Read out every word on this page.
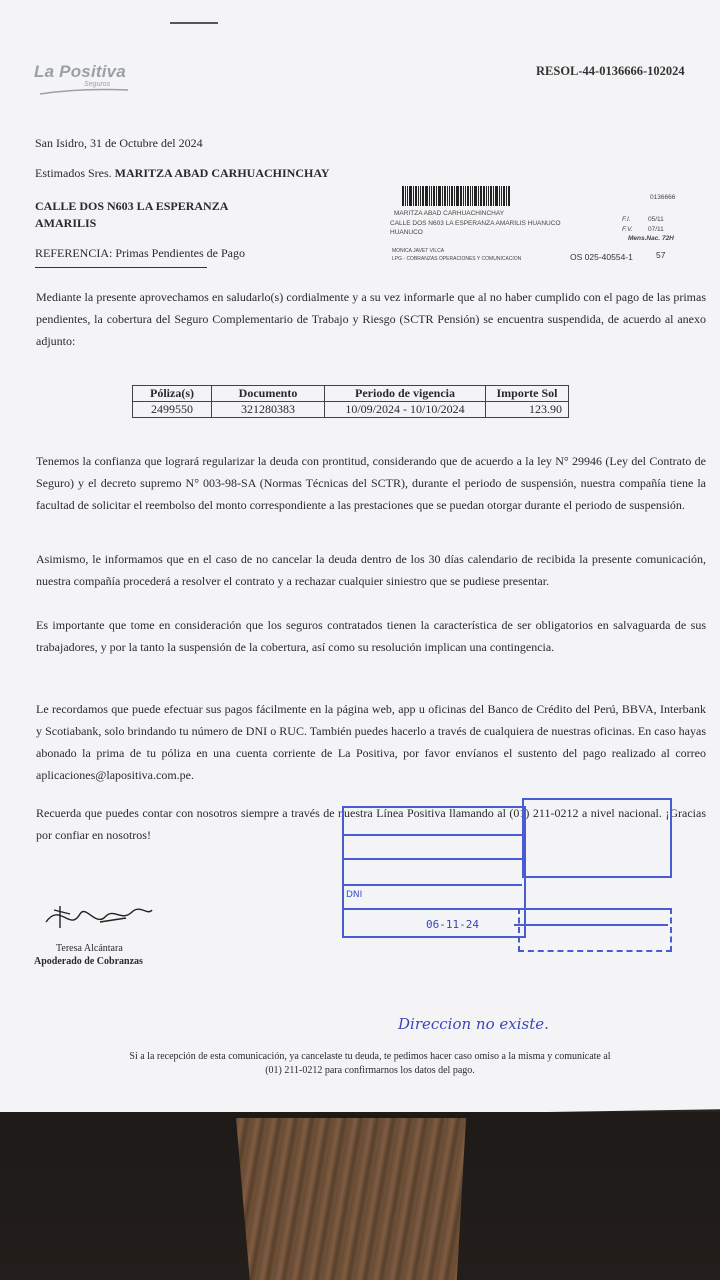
La Positiva
Seguros
RESOL-44-0136666-102024
San Isidro, 31 de Octubre del 2024
Estimados Sres. MARITZA ABAD CARHUACHINCHAY
CALLE DOS N603 LA ESPERANZA
AMARILIS
REFERENCIA: Primas Pendientes de Pago
0136666
MARITZA ABAD CARHUACHINCHAY
CALLE DOS N603 LA ESPERANZA AMARILIS HUANUCO
HUANUCO
F.I.	05/11
F.V. 07/11
Mens.Nac. 72H
MONICA JAVET VILCA
LPG - COBRANZAS OPERACIONES Y COMUNICACION	OS 025-40554-1	57
Mediante la presente aprovechamos en saludarlo(s) cordialmente y a su vez informarle que al no haber cumplido con el pago de las primas pendientes, la cobertura del Seguro Complementario de Trabajo y Riesgo (SCTR Pensión) se encuentra suspendida, de acuerdo al anexo adjunto:
Póliza(s)	Documento	Periodo de vigencia	Importe Sol
2499550	321280383	10/09/2024 - 10/10/2024	123.90
Tenemos la confianza que logrará regularizar la deuda con prontitud, considerando que de acuerdo a la ley N° 29946 (Ley del Contrato de Seguro) y el decreto supremo N° 003-98-SA (Normas Técnicas del SCTR), durante el periodo de suspensión, nuestra compañía tiene la facultad de solicitar el reembolso del monto correspondiente a las prestaciones que se puedan otorgar durante el periodo de suspensión.
Asimismo, le informamos que en el caso de no cancelar la deuda dentro de los 30 días calendario de recibida la presente comunicación, nuestra compañía procederá a resolver el contrato y a rechazar cualquier siniestro que se pudiese presentar.
Es importante que tome en consideración que los seguros contratados tienen la característica de ser obligatorios en salvaguarda de sus trabajadores, y por la tanto la suspensión de la cobertura, así como su resolución implican una contingencia.
Le recordamos que puede efectuar sus pagos fácilmente en la página web, app u oficinas del Banco de Crédito del Perú, BBVA, Interbank y Scotiabank, solo brindando tu número de DNI o RUC. También puedes hacerlo a través de cualquiera de nuestras oficinas. En caso hayas abonado la prima de tu póliza en una cuenta corriente de La Positiva, por favor envíanos el sustento del pago realizado al correo aplicaciones@lapositiva.com.pe.
Recuerda que puedes contar con nosotros siempre a través de nuestra Línea Positiva llamando al (01) 211-0212 a nivel nacional. ¡Gracias por confiar en nosotros!
DNI
06-11-24
Direccion no existe.
Teresa Alcántara
Apoderado de Cobranzas
Si a la recepción de esta comunicación, ya cancelaste tu deuda, te pedimos hacer caso omiso a la misma y comunícate al
(01) 211-0212 para confirmarnos los datos del pago.
